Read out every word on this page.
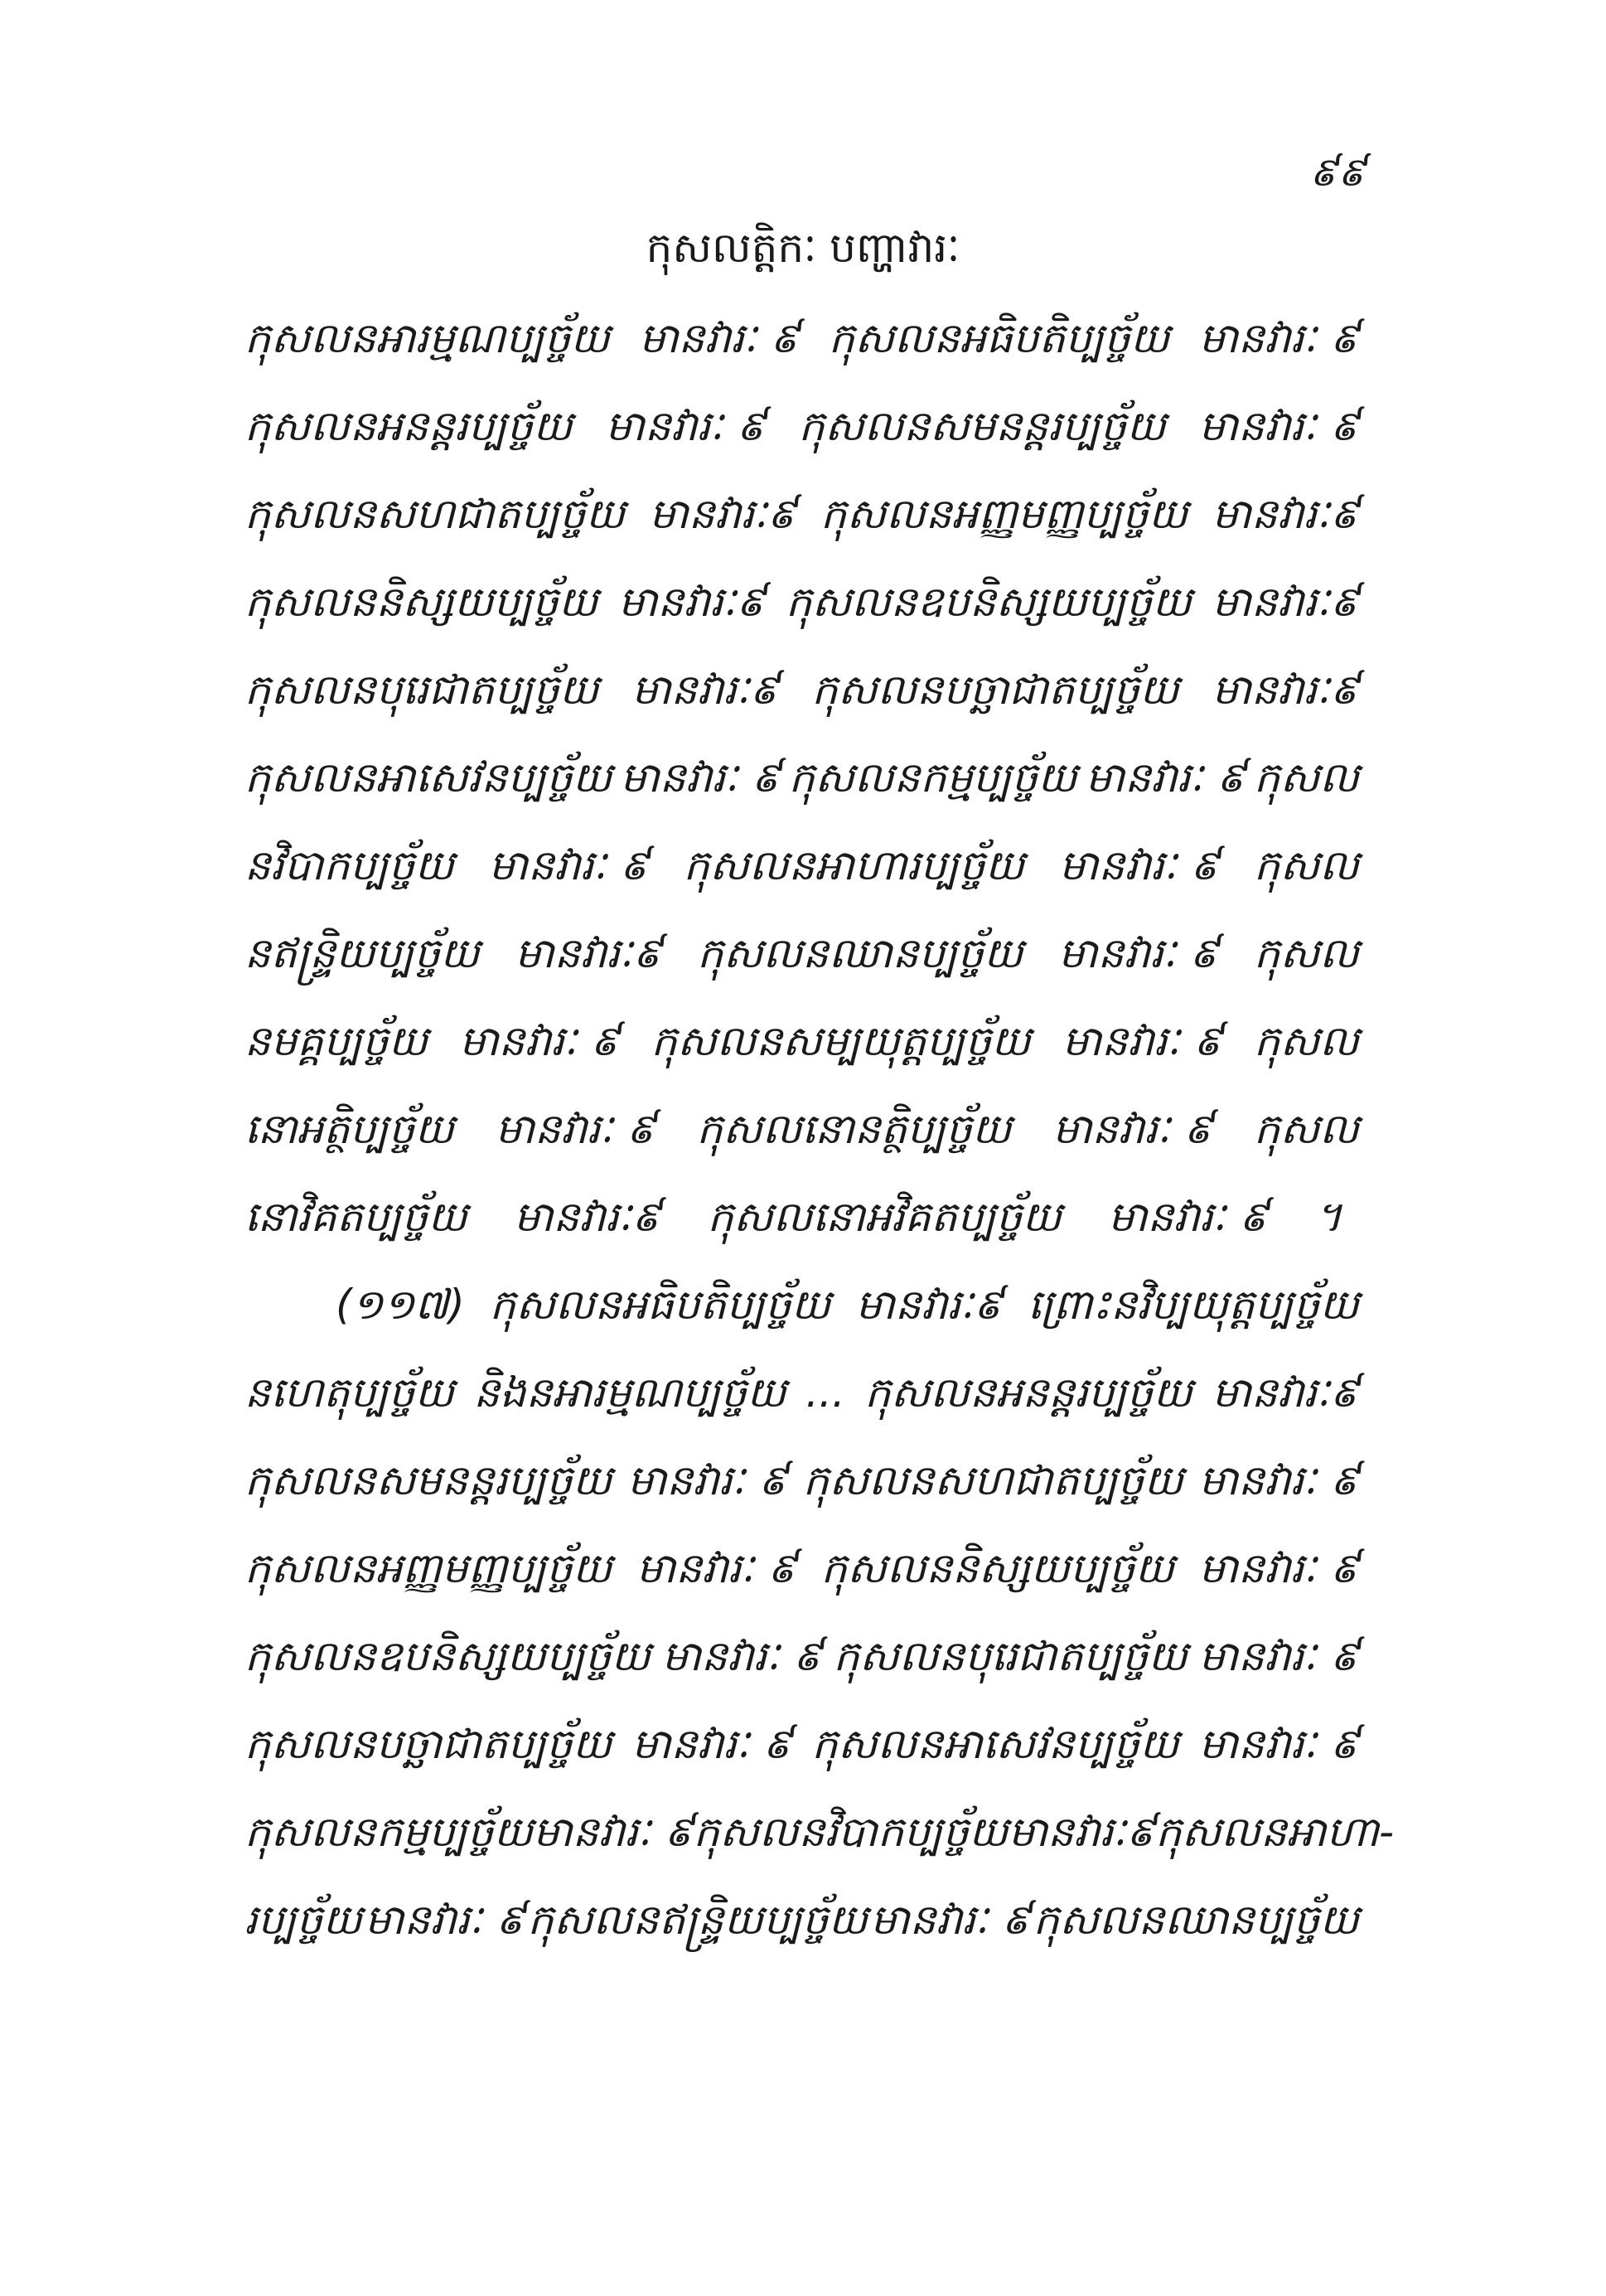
៩៩
កុសលត្តិកៈ បញ្ហាវារៈ
កុសលនអារម្មណប្បច្ច័យ មានវារៈ ៩ កុសលនអធិបតិប្បច្ច័យ មានវារៈ ៩
កុសលនអនន្តរប្បច្ច័យ មានវារៈ ៩ កុសលនសមនន្តរប្បច្ច័យ មានវារៈ ៩
កុសលនសហជាតប្បច្ច័យ មានវារៈ៩ កុសលនអញ្ញមញ្ញប្បច្ច័យ មានវារៈ៩
កុសលននិស្សយប្បច្ច័យ មានវារៈ៩ កុសលនឧបនិស្សយប្បច្ច័យ មានវារៈ៩
កុសលនបុរេជាតប្បច្ច័យ មានវារៈ៩ កុសលនបច្ឆាជាតប្បច្ច័យ មានវារៈ៩
កុសលនអាសេវនប្បច្ច័យ មានវារៈ ៩ កុសលនកម្មប្បច្ច័យ មានវារៈ ៩ កុសល
នវិបាកប្បច្ច័យ មានវារៈ ៩ កុសលនអាហារប្បច្ច័យ មានវារៈ ៩ កុសល
នឥន្ទ្រិយប្បច្ច័យ មានវារៈ៩ កុសលនឈានប្បច្ច័យ មានវារៈ ៩ កុសល
នមគ្គប្បច្ច័យ មានវារៈ ៩ កុសលនសម្បយុត្តប្បច្ច័យ មានវារៈ ៩ កុសល
នោអត្ថិប្បច្ច័យ មានវារៈ ៩ កុសលនោនត្ថិប្បច្ច័យ មានវារៈ ៩ កុសល
នោវិគតប្បច្ច័យ មានវារៈ៩ កុសលនោអវិគតប្បច្ច័យ មានវារៈ ៩ ។
(១១៧) កុសលនអធិបតិប្បច្ច័យ មានវារៈ៩ ព្រោះនវិប្បយុត្តប្បច្ច័យ
នហេតុប្បច្ច័យ និងនអារម្មណប្បច្ច័យ ... កុសលនអនន្តរប្បច្ច័យ មានវារៈ៩
កុសលនសមនន្តរប្បច្ច័យ មានវារៈ ៩ កុសលនសហជាតប្បច្ច័យ មានវារៈ ៩
កុសលនអញ្ញមញ្ញប្បច្ច័យ មានវារៈ ៩ កុសលននិស្សយប្បច្ច័យ មានវារៈ ៩
កុសលនឧបនិស្សយប្បច្ច័យ មានវារៈ ៩ កុសលនបុរេជាតប្បច្ច័យ មានវារៈ ៩
កុសលនបច្ឆាជាតប្បច្ច័យ មានវារៈ ៩ កុសលនអាសេវនប្បច្ច័យ មានវារៈ ៩
កុសលនកម្មប្បច្ច័យ មានវារៈ ៩ កុសលនវិបាកប្បច្ច័យ មានវារៈ៩ កុសលនអាហា-
រប្បច្ច័យ មានវារៈ ៩ កុសលនឥន្ទ្រិយប្បច្ច័យ មានវារៈ ៩ កុសលនឈានប្បច្ច័យ
